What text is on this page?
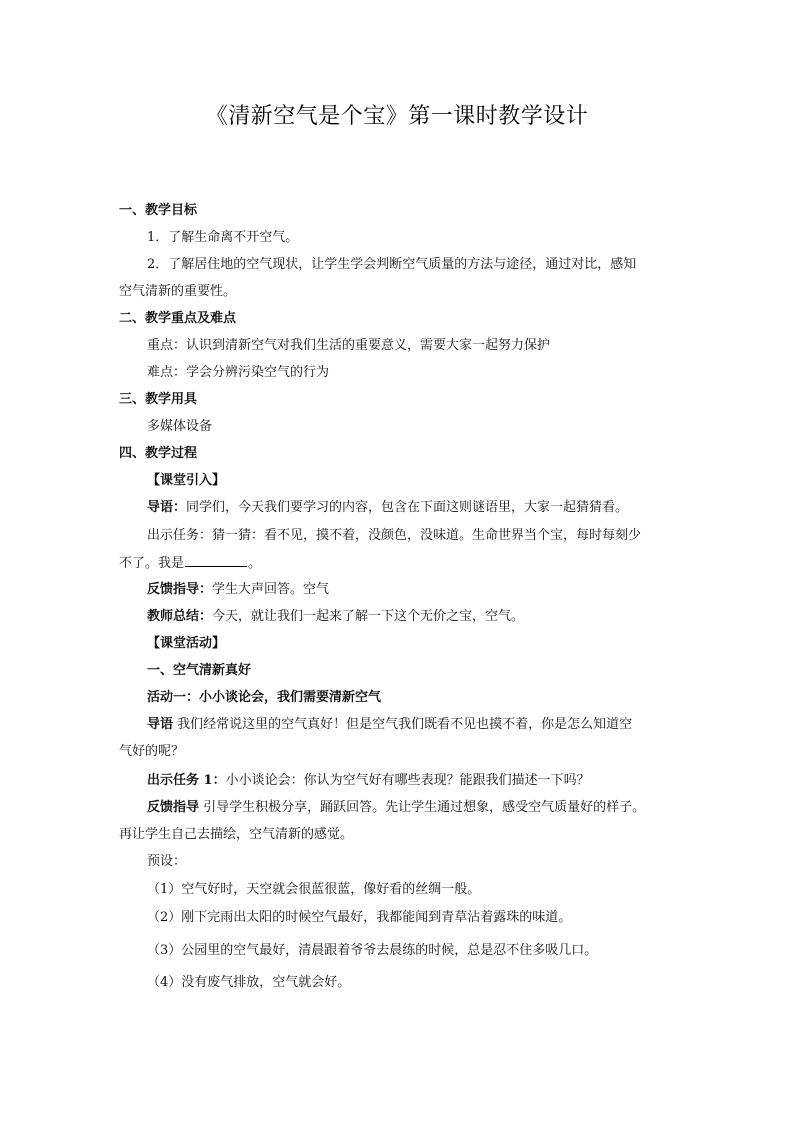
《清新空气是个宝》第一课时教学设计
一、教学目标
1．了解生命离不开空气。
2．了解居住地的空气现状，让学生学会判断空气质量的方法与途径，通过对比，感知
空气清新的重要性。
二、教学重点及难点
重点：认识到清新空气对我们生活的重要意义，需要大家一起努力保护
难点：学会分辨污染空气的行为
三、教学用具
多媒体设备
四、教学过程
【课堂引入】
导语：同学们，今天我们要学习的内容，包含在下面这则谜语里，大家一起猜猜看。
出示任务：猜一猜：看不见，摸不着，没颜色，没味道。生命世界当个宝，每时每刻少
不了。我是	。
反馈指导：学生大声回答。空气
教师总结：今天，就让我们一起来了解一下这个无价之宝，空气。
【课堂活动】
一、空气清新真好
活动一：小小谈论会，我们需要清新空气
导语 我们经常说这里的空气真好！但是空气我们既看不见也摸不着，你是怎么知道空
气好的呢？
出示任务 1：小小谈论会：你认为空气好有哪些表现？能跟我们描述一下吗？
反馈指导 引导学生积极分享，踊跃回答。先让学生通过想象，感受空气质量好的样子。
再让学生自己去描绘，空气清新的感觉。
预设：
（1）空气好时，天空就会很蓝很蓝，像好看的丝绸一般。
（2）刚下完雨出太阳的时候空气最好，我都能闻到青草沾着露珠的味道。
（3）公园里的空气最好，清晨跟着爷爷去晨练的时候，总是忍不住多吸几口。
（4）没有废气排放，空气就会好。
